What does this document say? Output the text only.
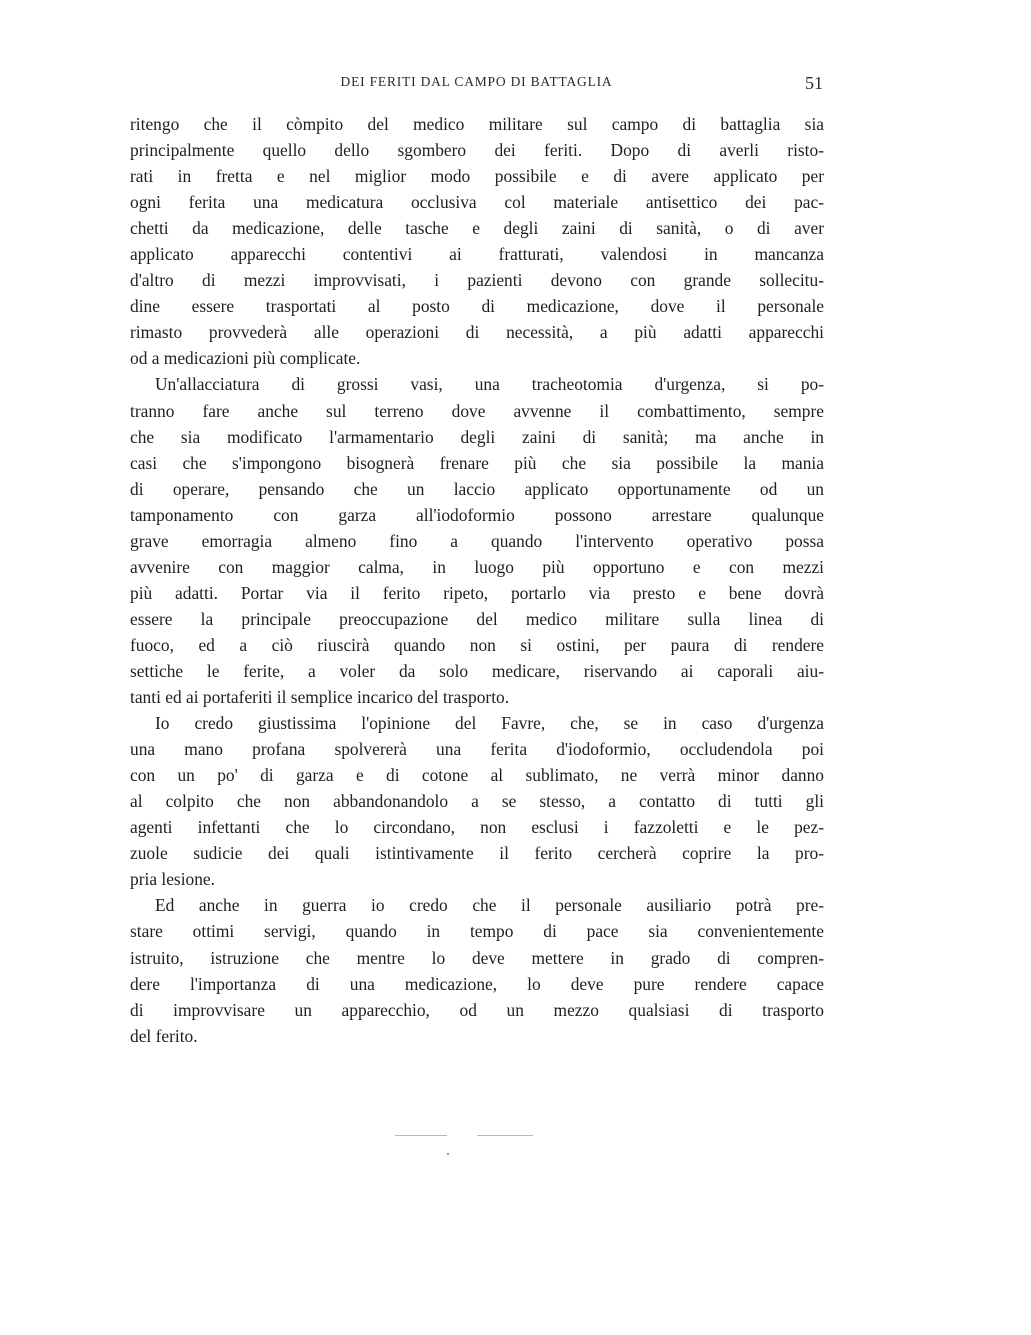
DEI FERITI DAL CAMPO DI BATTAGLIA	51
ritengo che il còmpito del medico militare sul campo di battaglia sia
principalmente quello dello sgombero dei feriti. Dopo di averli risto-
rati in fretta e nel miglior modo possibile e di avere applicato per
ogni ferita una medicatura occlusiva col materiale antisettico dei pac-
chetti da medicazione, delle tasche e degli zaini di sanità, o di aver
applicato apparecchi contentivi ai fratturati, valendosi in mancanza
d'altro di mezzi improvvisati, i pazienti devono con grande sollecitu-
dine essere trasportati al posto di medicazione, dove il personale
rimasto provvederà alle operazioni di necessità, a più adatti apparecchi
od a medicazioni più complicate.
Un'allacciatura di grossi vasi, una tracheotomia d'urgenza, si po-
tranno fare anche sul terreno dove avvenne il combattimento, sempre
che sia modificato l'armamentario degli zaini di sanità; ma anche in
casi che s'impongono bisognerà frenare più che sia possibile la mania
di operare, pensando che un laccio applicato opportunamente od un
tamponamento con garza all'iodoformio possono arrestare qualunque
grave emorragia almeno fino a quando l'intervento operativo possa
avvenire con maggior calma, in luogo più opportuno e con mezzi
più adatti. Portar via il ferito ripeto, portarlo via presto e bene dovrà
essere la principale preoccupazione del medico militare sulla linea di
fuoco, ed a ciò riuscirà quando non si ostini, per paura di rendere
settiche le ferite, a voler da solo medicare, riservando ai caporali aiu-
tanti ed ai portaferiti il semplice incarico del trasporto.
Io credo giustissima l'opinione del Favre, che, se in caso d'urgenza
una mano profana spolvererà una ferita d'iodoformio, occludendola poi
con un po' di garza e di cotone al sublimato, ne verrà minor danno
al colpito che non abbandonandolo a se stesso, a contatto di tutti gli
agenti infettanti che lo circondano, non esclusi i fazzoletti e le pez-
zuole sudicie dei quali istintivamente il ferito cercherà coprire la pro-
pria lesione.
Ed anche in guerra io credo che il personale ausiliario potrà pre-
stare ottimi servigi, quando in tempo di pace sia convenientemente
istruito, istruzione che mentre lo deve mettere in grado di compren-
dere l'importanza di una medicazione, lo deve pure rendere capace
di improvvisare un apparecchio, od un mezzo qualsiasi di trasporto
del ferito.
